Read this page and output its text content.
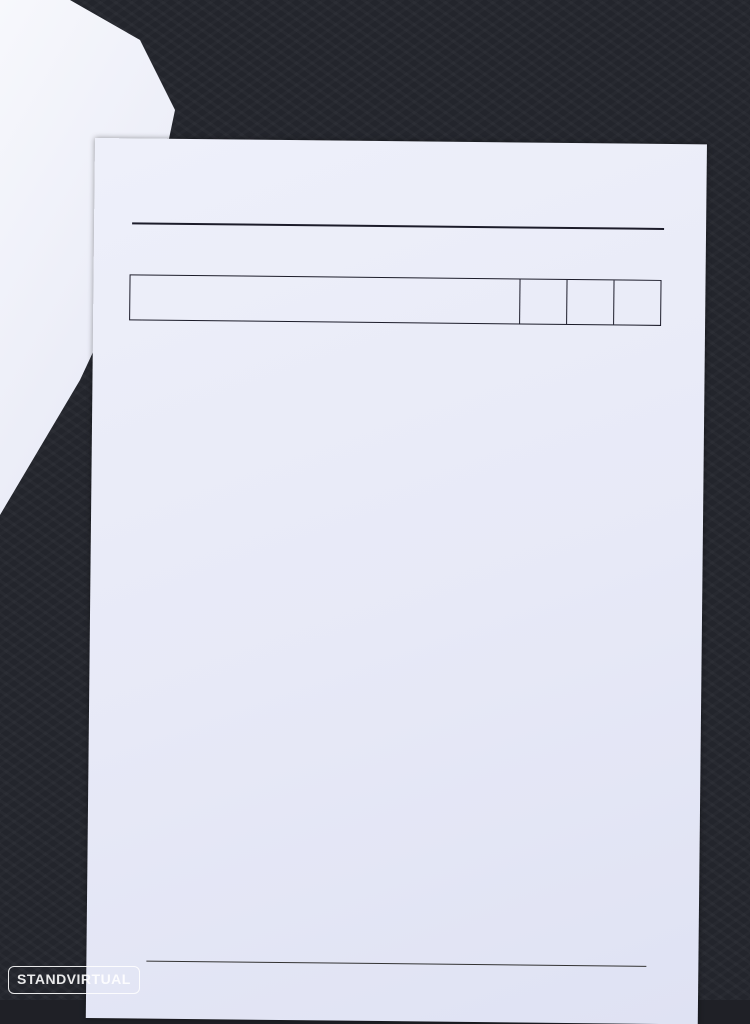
STANDVIRTUAL
